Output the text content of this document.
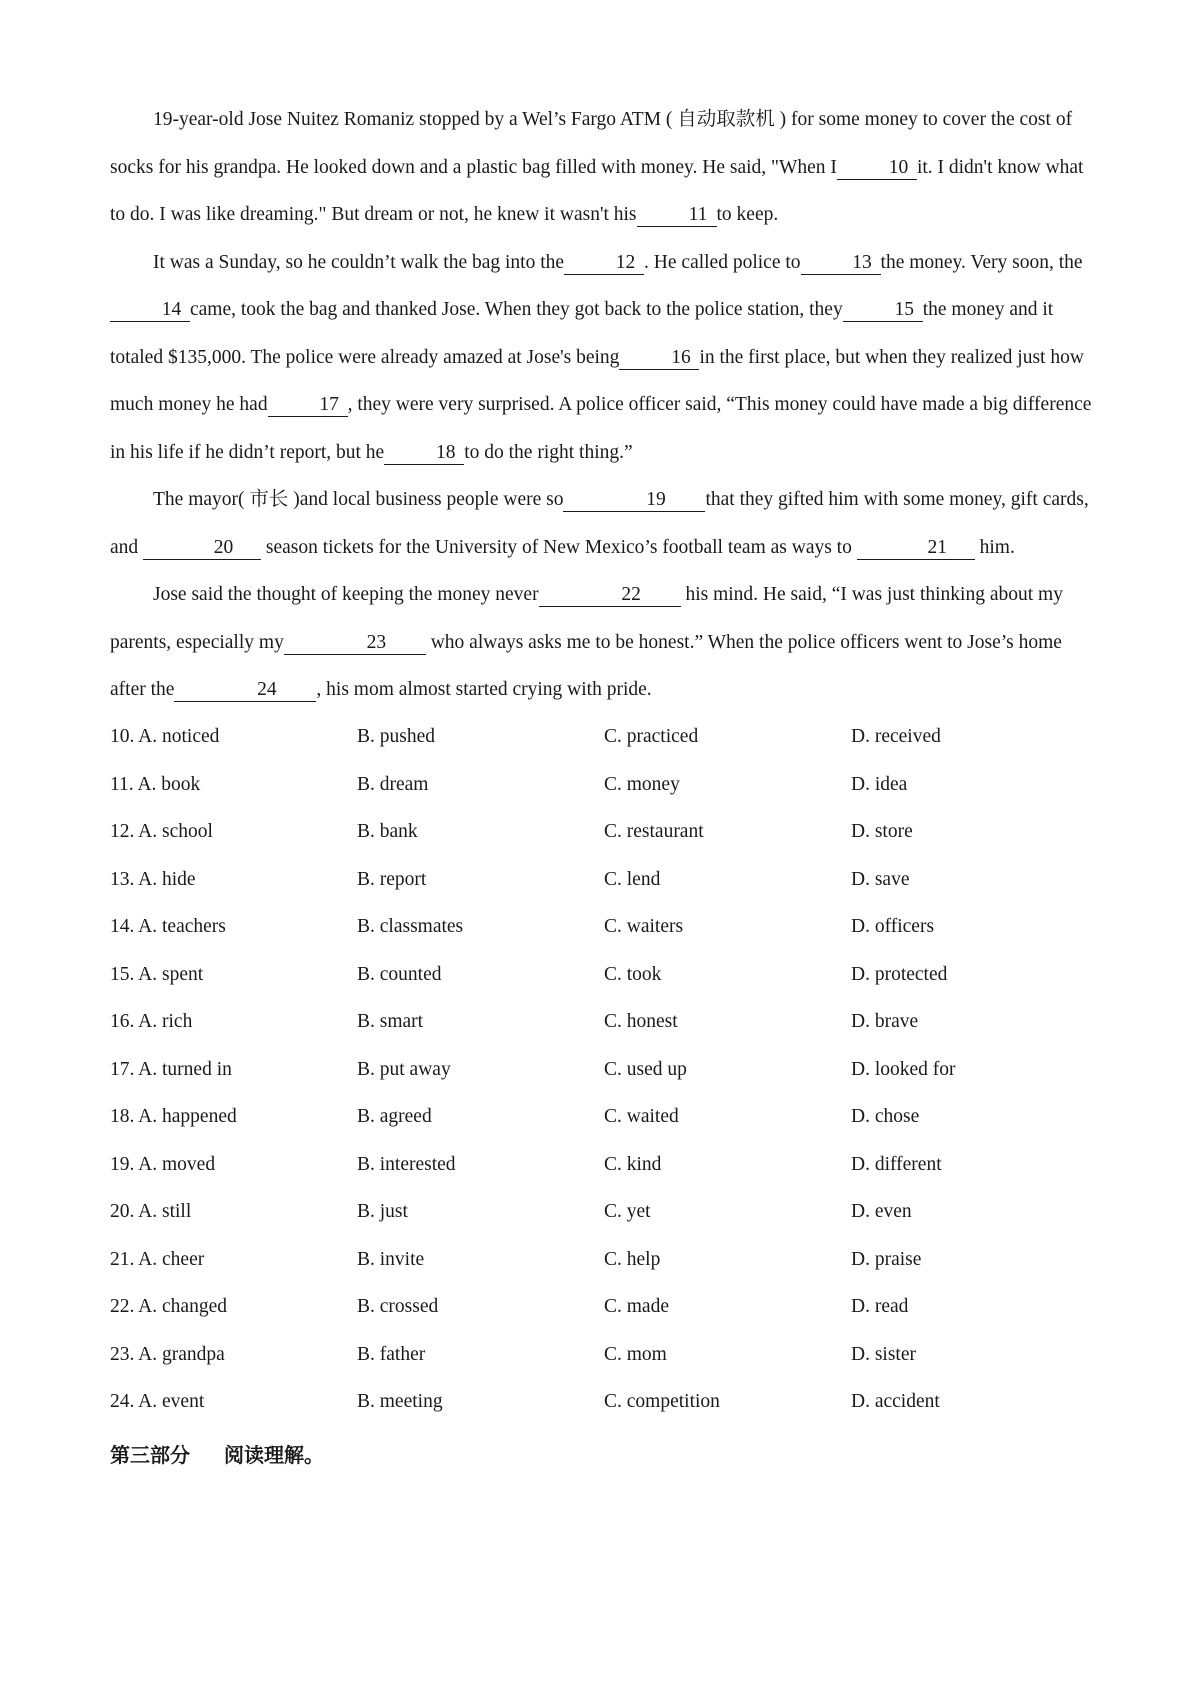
19-year-old Jose Nuitez Romaniz stopped by a Wel’s Fargo ATM ( 自动取款机 ) for some money to cover the cost of socks for his grandpa. He looked down and a plastic bag filled with money. He said, "When I	10 it. I didn't know what to do. I was like dreaming." But dream or not, he knew it wasn't his	11 to keep.

It was a Sunday, so he couldn’t walk the bag into the	12 . He called police to	13 the money. Very soon, the14 came, took the bag and thanked Jose. When they got back to the police station, they	15 the money and it totaled $135,000. The police were already amazed at Jose's being	16 in the first place, but when they realized just how much money he had	17 , they were very surprised. A police officer said, “This money could have made a big difference in his life if he didn’t report, but he	18 to do the right thing.”

The mayor( 市长 )and local business people were so	19 that they gifted him with some money, gift cards, and	20 season tickets for the University of New Mexico’s football team as ways to	21 him.

Jose said the thought of keeping the money never	22 his mind. He said, “I was just thinking about my parents, especially my	23 who always asks me to be honest.” When the police officers went to Jose’s home after the	24 , his mom almost started crying with pride.

10. A. noticed	B. pushed	C. practiced	D. received
11. A. book	B. dream	C. money	D. idea
12. A. school	B. bank	C. restaurant	D. store
13. A. hide	B. report	C. lend	D. save
14. A. teachers	B. classmates	C. waiters	D. officers
15. A. spent	B. counted	C. took	D. protected
16. A. rich	B. smart	C. honest	D. brave
17. A. turned in	B. put away	C. used up	D. looked for
18. A. happened	B. agreed	C. waited	D. chose
19. A. moved	B. interested	C. kind	D. different
20. A. still	B. just	C. yet	D. even
21. A. cheer	B. invite	C. help	D. praise
22. A. changed	B. crossed	C. made	D. read
23. A. grandpa	B. father	C. mom	D. sister
24. A. event	B. meeting	C. competition	D. accident
第三部分 阅读理解。
